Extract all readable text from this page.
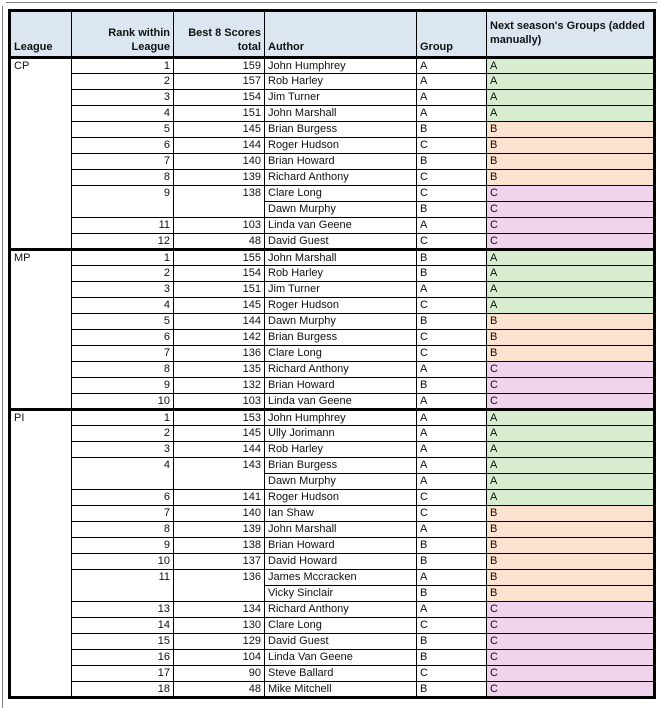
League	Rank within League	Best 8 Scores total	Author	Group	Next season's Groups (added manually)
CP	1	159	John Humphrey	A	A
	2	157	Rob Harley	A	A
	3	154	Jim Turner	A	A
	4	151	John Marshall	A	A
	5	145	Brian Burgess	B	B
	6	144	Roger Hudson	C	B
	7	140	Brian Howard	B	B
	8	139	Richard Anthony	C	B
	9	138	Clare Long	C	C
			Dawn Murphy	B	C
	11	103	Linda van Geene	A	C
	12	48	David Guest	C	C
MP	1	155	John Marshall	B	A
	2	154	Rob Harley	B	A
	3	151	Jim Turner	A	A
	4	145	Roger Hudson	C	A
	5	144	Dawn Murphy	B	B
	6	142	Brian Burgess	C	B
	7	136	Clare Long	C	B
	8	135	Richard Anthony	A	C
	9	132	Brian Howard	B	C
	10	103	Linda van Geene	A	C
PI	1	153	John Humphrey	A	A
	2	145	Ully Jorimann	A	A
	3	144	Rob Harley	A	A
	4	143	Brian Burgess	A	A
			Dawn Murphy	A	A
	6	141	Roger Hudson	C	A
	7	140	Ian Shaw	C	B
	8	139	John Marshall	A	B
	9	138	Brian Howard	B	B
	10	137	David Howard	B	B
	11	136	James Mccracken	A	B
			Vicky Sinclair	B	B
	13	134	Richard Anthony	A	C
	14	130	Clare Long	C	C
	15	129	David Guest	B	C
	16	104	Linda Van Geene	B	C
	17	90	Steve Ballard	C	C
	18	48	Mike Mitchell	B	C
